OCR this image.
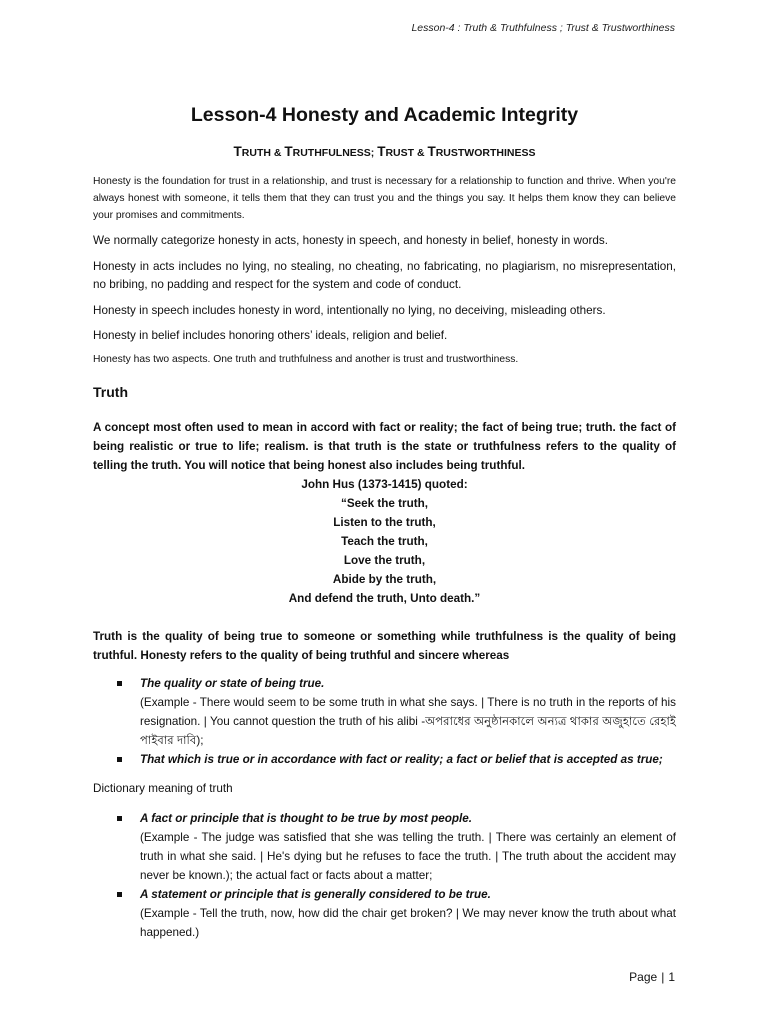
Lesson-4 : Truth & Truthfulness ; Trust & Trustworthiness
Lesson-4 Honesty and Academic Integrity
TRUTH & TRUTHFULNESS; TRUST & TRUSTWORTHINESS

Honesty is the foundation for trust in a relationship, and trust is necessary for a relationship to function and thrive. When you're always honest with someone, it tells them that they can trust you and the things you say. It helps them know they can believe your promises and commitments.

We normally categorize honesty in acts, honesty in speech, and honesty in belief, honesty in words.

Honesty in acts includes no lying, no stealing, no cheating, no fabricating, no plagiarism, no misrepresentation, no bribing, no padding and respect for the system and code of conduct.

Honesty in speech includes honesty in word, intentionally no lying, no deceiving, misleading others.

Honesty in belief includes honoring others’ ideals, religion and belief.

Honesty has two aspects. One truth and truthfulness and another is trust and trustworthiness.

Truth

A concept most often used to mean in accord with fact or reality; the fact of being true; truth. the fact of being realistic or true to life; realism. is that truth is the state or truthfulness refers to the quality of telling the truth. You will notice that being honest also includes being truthful.

John Hus (1373-1415) quoted:
“Seek the truth,
Listen to the truth,
Teach the truth,
Love the truth,
Abide by the truth,
And defend the truth, Unto death.”

Truth is the quality of being true to someone or something while truthfulness is the quality of being truthful. Honesty refers to the quality of being truthful and sincere whereas

The quality or state of being true.
(Example - There would seem to be some truth in what she says. | There is no truth in the reports of his resignation. | You cannot question the truth of his alibi -অপরাধের অনুষ্ঠানকালে অন্যত্র থাকার অজুহাতে রেহাই পাইবার দাবি);
That which is true or in accordance with fact or reality; a fact or belief that is accepted as true;

Dictionary meaning of truth

A fact or principle that is thought to be true by most people.
(Example - The judge was satisfied that she was telling the truth. | There was certainly an element of truth in what she said. | He's dying but he refuses to face the truth. | The truth about the accident may never be known.); the actual fact or facts about a matter;
A statement or principle that is generally considered to be true.
(Example - Tell the truth, now, how did the chair get broken? | We may never know the truth about what happened.)
Page | 1
